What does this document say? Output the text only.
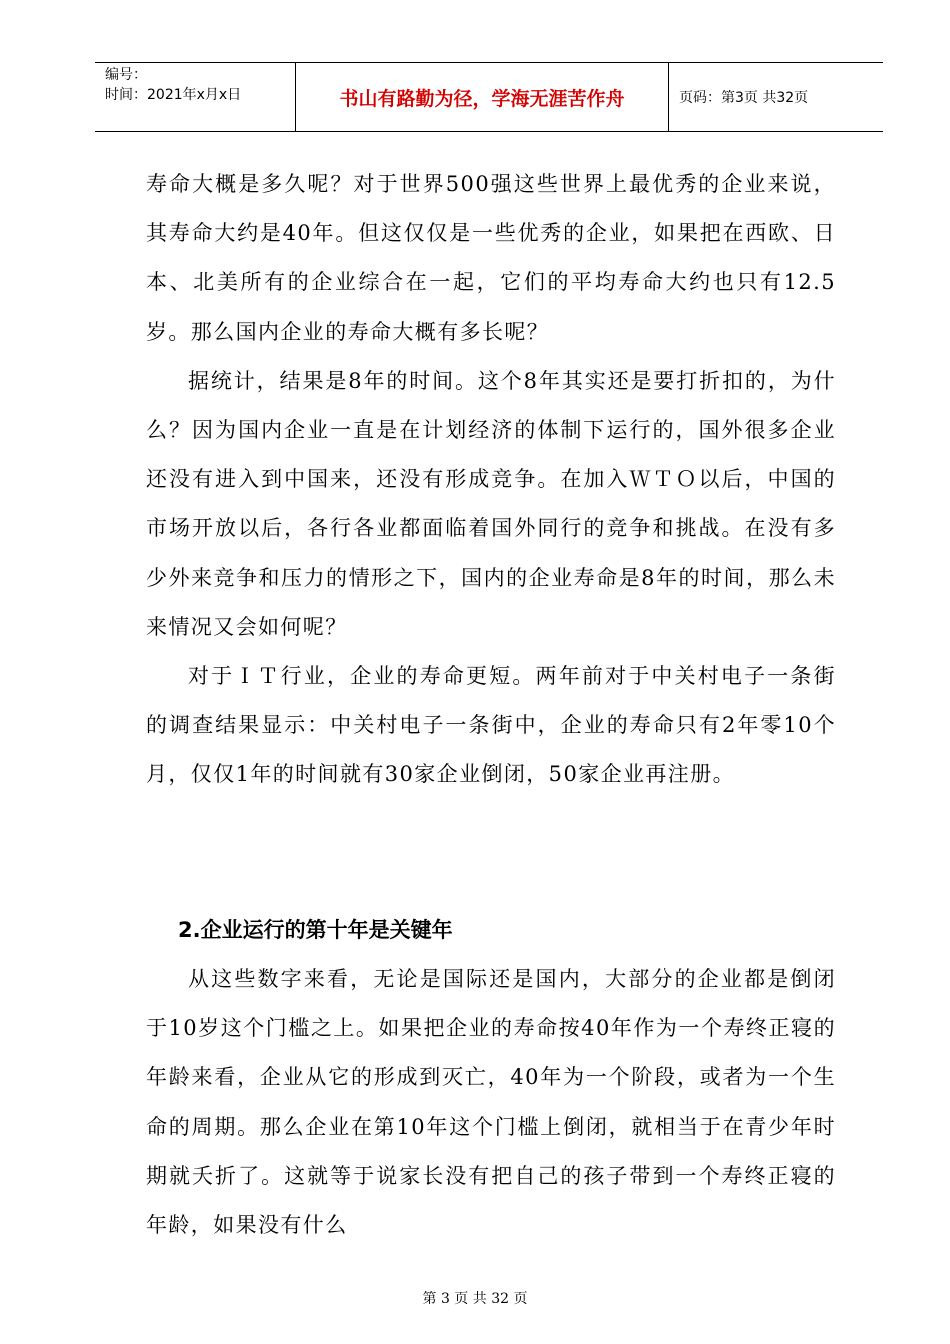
编号：
时间：2021年x月x日	书山有路勤为径，学海无涯苦作舟	页码：第3页 共32页

寿命大概是多久呢？对于世界500强这些世界上最优秀的企业来说，其寿命大约是40年。但这仅仅是一些优秀的企业，如果把在西欧、日本、北美所有的企业综合在一起，它们的平均寿命大约也只有12.5岁。那么国内企业的寿命大概有多长呢？

据统计，结果是8年的时间。这个8年其实还是要打折扣的，为什么？因为国内企业一直是在计划经济的体制下运行的，国外很多企业还没有进入到中国来，还没有形成竞争。在加入ＷＴＯ以后，中国的市场开放以后，各行各业都面临着国外同行的竞争和挑战。在没有多少外来竞争和压力的情形之下，国内的企业寿命是8年的时间，那么未来情况又会如何呢？

对于ＩＴ行业，企业的寿命更短。两年前对于中关村电子一条街的调查结果显示：中关村电子一条街中，企业的寿命只有2年零10个月，仅仅1年的时间就有30家企业倒闭，50家企业再注册。

2.企业运行的第十年是关键年

从这些数字来看，无论是国际还是国内，大部分的企业都是倒闭于10岁这个门槛之上。如果把企业的寿命按40年作为一个寿终正寝的年龄来看，企业从它的形成到灭亡，40年为一个阶段，或者为一个生命的周期。那么企业在第10年这个门槛上倒闭，就相当于在青少年时期就夭折了。这就等于说家长没有把自己的孩子带到一个寿终正寝的年龄，如果没有什么

第 3 页 共 32 页
